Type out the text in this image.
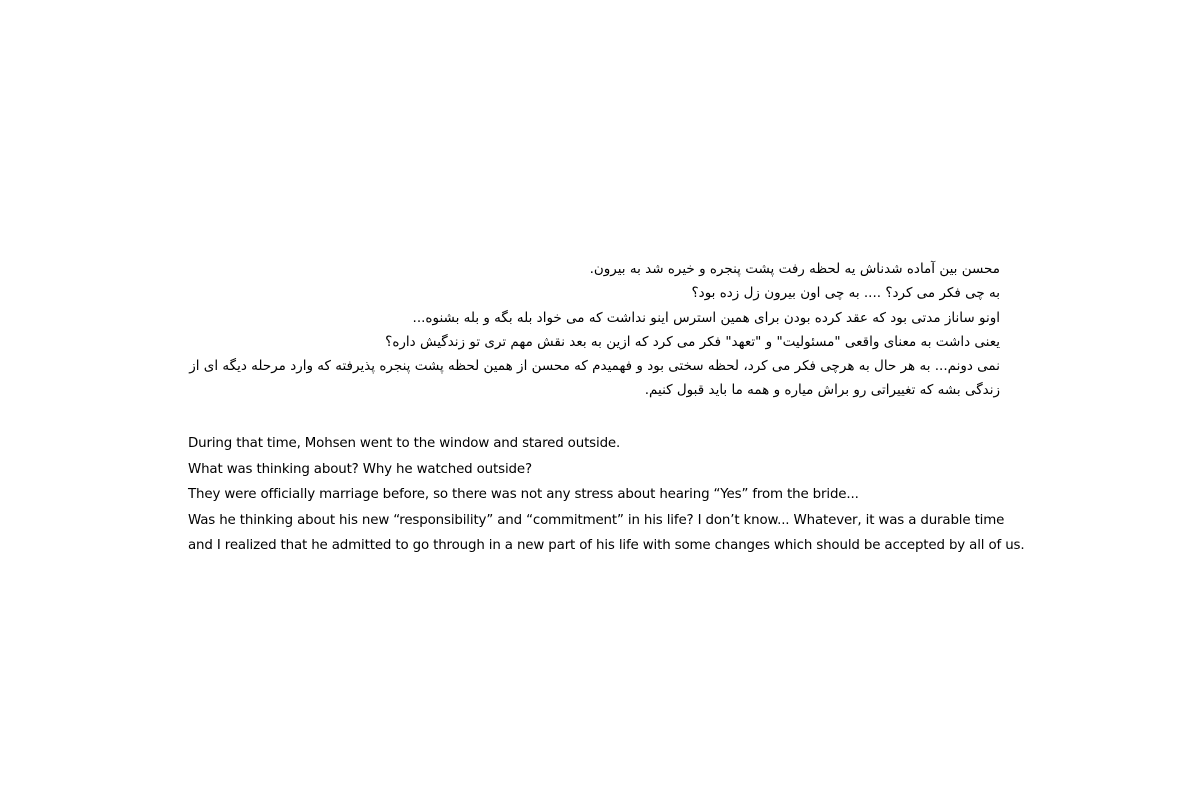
محسن بین آماده شدناش یه لحظه رفت پشت پنجره و خیره شد به بیرون.
به چی فکر می کرد؟ .... به چی اون بیرون زل زده بود؟
اونو ساناز مدتی بود که عقد کرده بودن برای همین استرس اینو نداشت که می خواد بله بگه و بله بشنوه...
یعنی داشت به معنای واقعی "مسئولیت" و "تعهد" فکر می کرد که ازین به بعد نقش مهم تری تو زندگیش داره؟
نمی دونم... به هر حال به هرچی فکر می کرد، لحظه سختی بود و فهمیدم که محسن از همین لحظه پشت پنجره پذیرفته که وارد مرحله دیگه ای از
زندگی بشه که تغییراتی رو براش میاره و همه ما باید قبول کنیم.
During that time, Mohsen went to the window and stared outside.
What was thinking about? Why he watched outside?
They were officially marriage before, so there was not any stress about hearing “Yes” from the bride...
Was he thinking about his new “responsibility” and “commitment” in his life? I don’t know... Whatever, it was a durable time
and I realized that he admitted to go through in a new part of his life with some changes which should be accepted by all of us.
